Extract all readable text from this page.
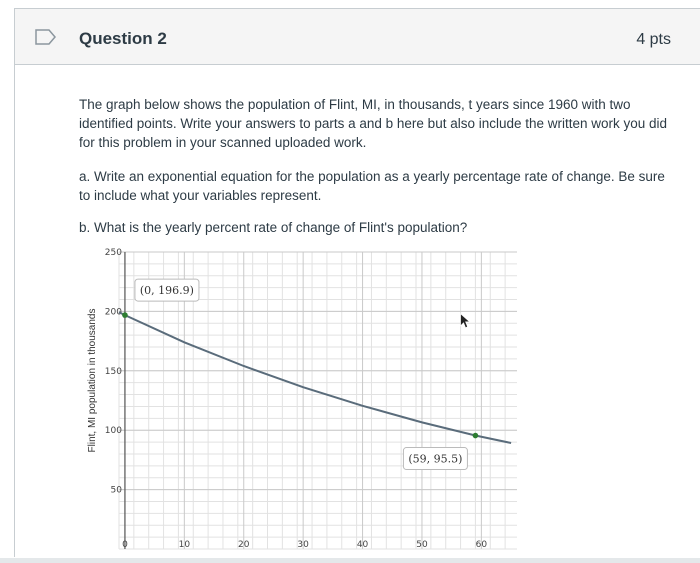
Question 2	4 pts
The graph below shows the population of Flint, MI, in thousands, t years since 1960 with two identified points. Write your answers to parts a and b here but also include the written work you did for this problem in your scanned uploaded work.
a. Write an exponential equation for the population as a yearly percentage rate of change. Be sure to include what your variables represent.
b. What is the yearly percent rate of change of Flint's population?
0	10	20	30	40	50	60
50
100
150
200
250
Flint, MI population in thousands
(0, 196.9)
(59, 95.5)
